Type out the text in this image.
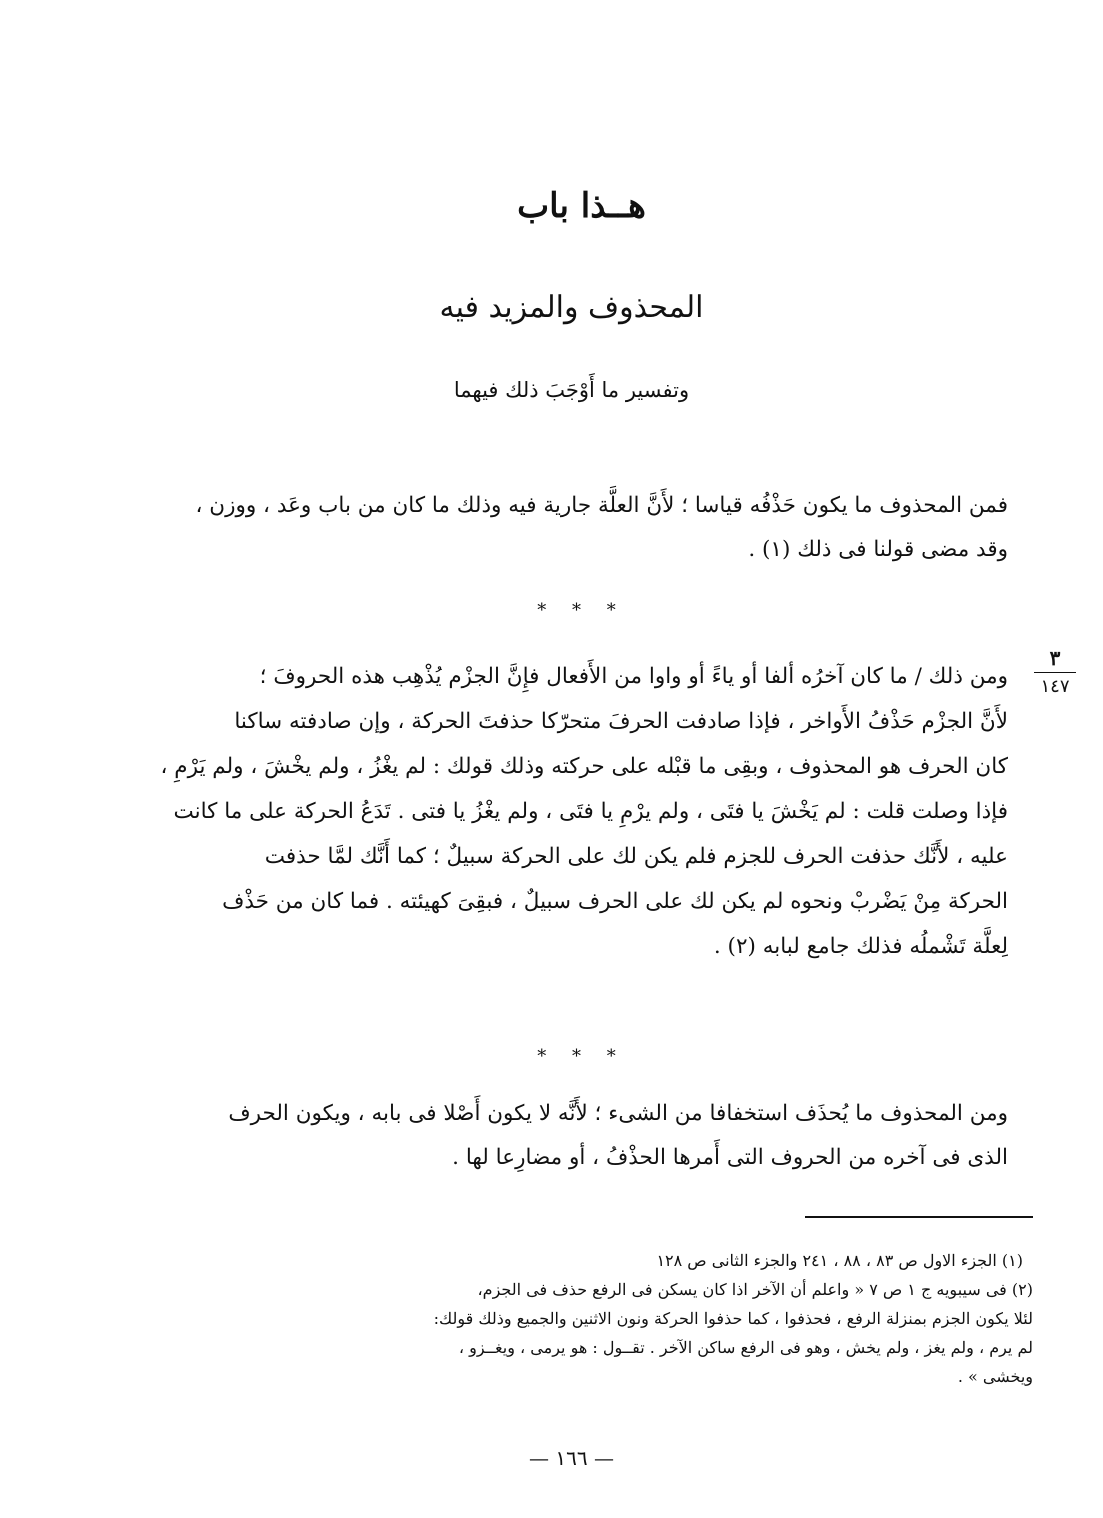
هــذا باب
المحذوف والمزيد فيه
وتفسير ما أَوْجَبَ ذلك فيهما

فمن المحذوف ما يكون حَذْفُه قياسا ؛ لأَنَّ العلَّة جارية فيه وذلك ما كان من باب وعَد ، ووزن ،
وقد مضى قولنا فى ذلك (١) .

* * *
٣
١٤٧

ومن ذلك / ما كان آخرُه ألفا أو ياءً أو واوا من الأَفعال فإِنَّ الجزْم يُذْهِب هذه الحروفَ ؛
لأَنَّ الجزْم حَذْفُ الأَواخر ، فإذا صادفت الحرفَ متحرّكا حذفتَ الحركة ، وإن صادفته ساكنا
كان الحرف هو المحذوف ، وبقِى ما قبْله على حركته وذلك قولك : لم يغْزُ ، ولم يخْشَ ، ولم يَرْمِ ،
فإذا وصلت قلت : لم يَخْشَ يا فتَى ، ولم يرْمِ يا فتَى ، ولم يغْزُ يا فتى . تَدَعُ الحركة على ما كانت
عليه ، لأَنَّك حذفت الحرف للجزم فلم يكن لك على الحركة سبيلٌ ؛ كما أَنَّك لمَّا حذفت
الحركة مِنْ يَضْربْ ونحوه لم يكن لك على الحرف سبيلٌ ، فبقِىَ كهيئته . فما كان من حَذْف
لِعلَّة تَشْملُه فذلك جامع لبابه (٢) .

* * *

ومن المحذوف ما يُحذَف استخفافا من الشىء ؛ لأَنَّه لا يكون أَصْلا فى بابه ، ويكون الحرف
الذى فى آخره من الحروف التى أَمرها الحذْفُ ، أو مضارِعا لها .

(١) الجزء الاول ص ٨٣ ، ٨٨ ، ٢٤١ والجزء الثانى ص ١٢٨
(٢) فى سيبويه ج ١ ص ٧ « واعلم أن الآخر اذا كان يسكن فى الرفع حذف فى الجزم،
لئلا يكون الجزم بمنزلة الرفع ، فحذفوا ، كما حذفوا الحركة ونون الاثنين والجميع وذلك قولك:
لم يرم ، ولم يغز ، ولم يخش ، وهو فى الرفع ساكن الآخر . تقــول : هو يرمى ، ويغــزو ،
ويخشى » .
— ١٦٦ —
